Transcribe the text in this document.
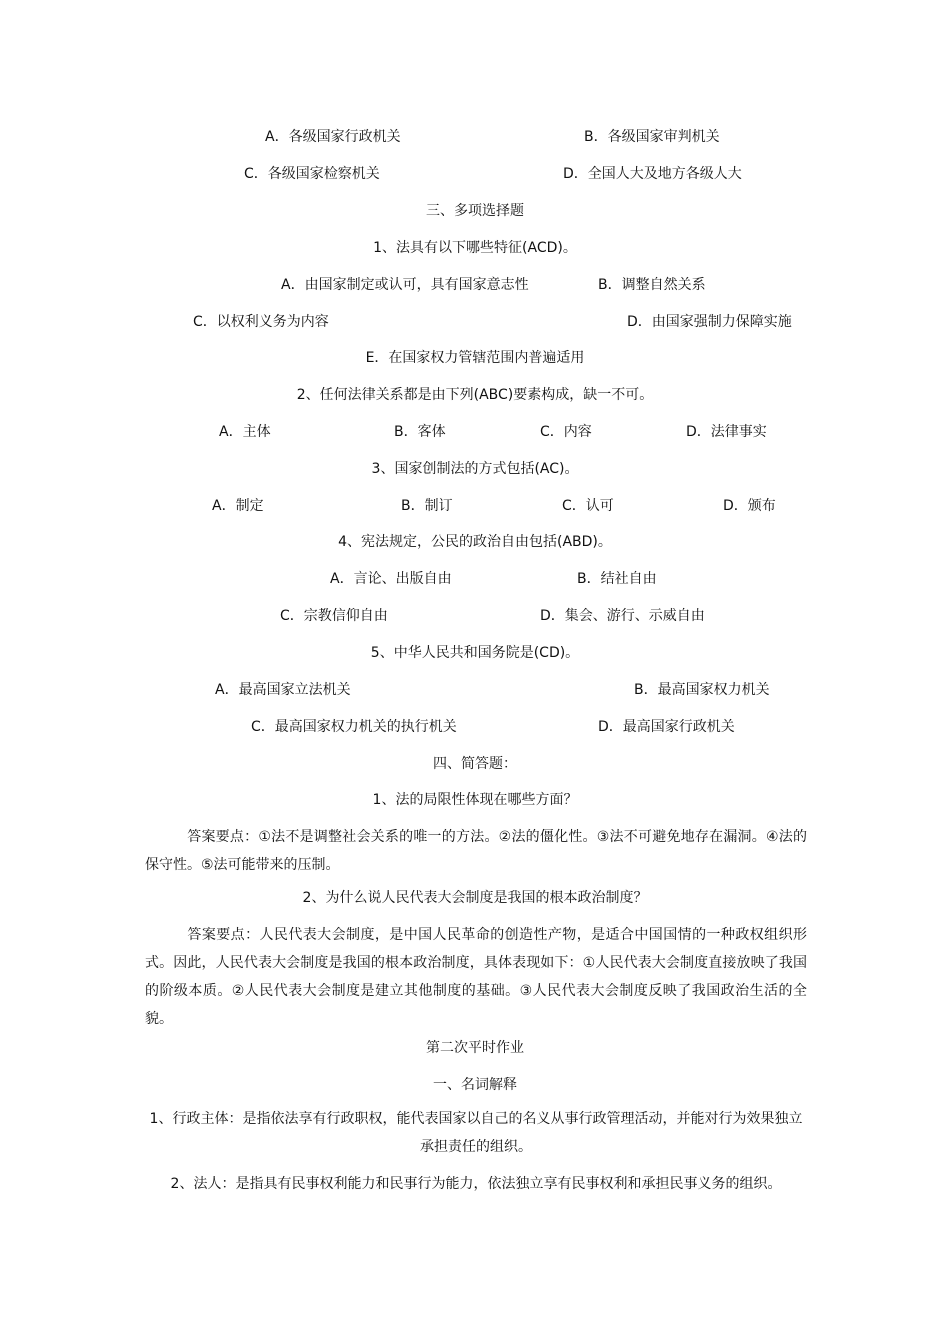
A．各级国家行政机关	B．各级国家审判机关
C．各级国家检察机关	D．全国人大及地方各级人大
三、多项选择题
1、法具有以下哪些特征(ACD)。
A．由国家制定或认可，具有国家意志性	B．调整自然关系
C．以权利义务为内容	D．由国家强制力保障实施
E．在国家权力管辖范围内普遍适用
2、任何法律关系都是由下列(ABC)要素构成，缺一不可。
A．主体	B．客体	C．内容	D．法律事实
3、国家创制法的方式包括(AC)。
A．制定	B．制订	C．认可	D．颁布
4、宪法规定，公民的政治自由包括(ABD)。
A．言论、出版自由	B．结社自由
C．宗教信仰自由	D．集会、游行、示威自由
5、中华人民共和国务院是(CD)。
A．最高国家立法机关	B．最高国家权力机关
C．最高国家权力机关的执行机关	D．最高国家行政机关
四、简答题：
1、法的局限性体现在哪些方面？
答案要点：①法不是调整社会关系的唯一的方法。②法的僵化性。③法不可避免地存在漏洞。④法的保守性。⑤法可能带来的压制。
2、为什么说人民代表大会制度是我国的根本政治制度？
答案要点：人民代表大会制度，是中国人民革命的创造性产物，是适合中国国情的一种政权组织形式。因此，人民代表大会制度是我国的根本政治制度，具体表现如下：①人民代表大会制度直接放映了我国的阶级本质。②人民代表大会制度是建立其他制度的基础。③人民代表大会制度反映了我国政治生活的全貌。
第二次平时作业
一、名词解释
1、行政主体：是指依法享有行政职权，能代表国家以自己的名义从事行政管理活动，并能对行为效果独立承担责任的组织。
2、法人：是指具有民事权利能力和民事行为能力，依法独立享有民事权利和承担民事义务的组织。
